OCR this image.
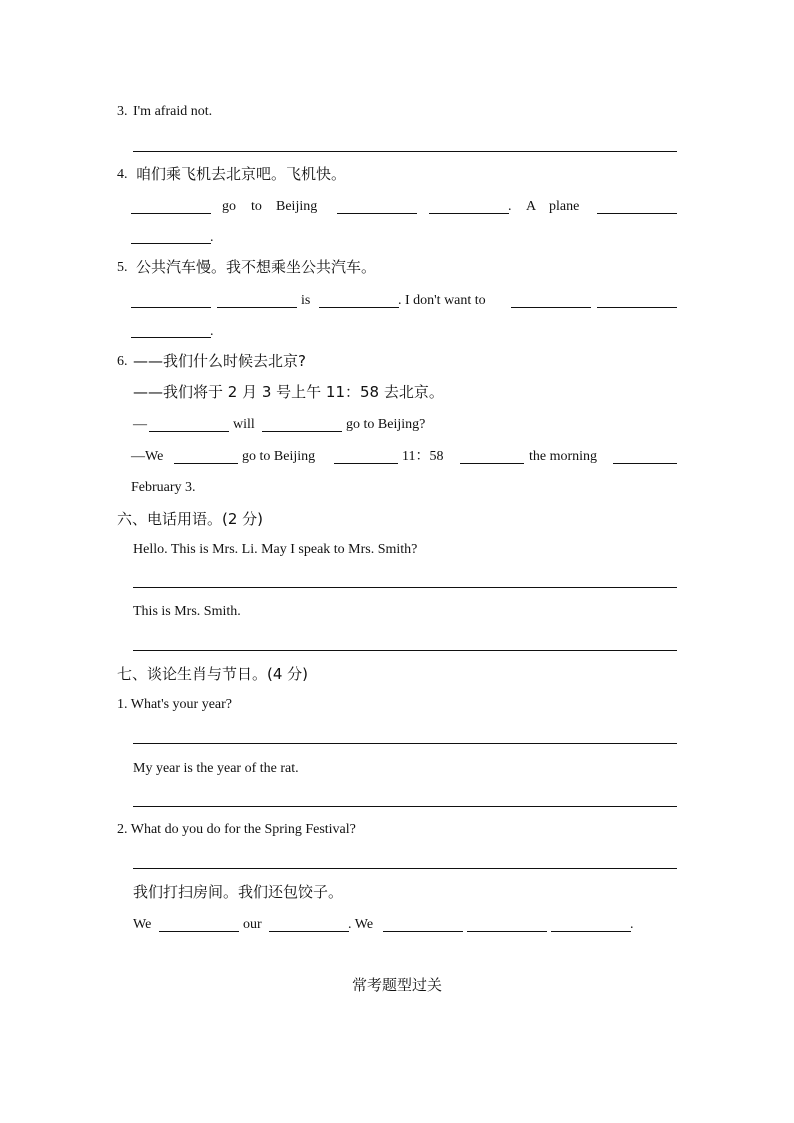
3. I'm afraid not.
4. 咱们乘飞机去北京吧。飞机快。
go to Beijing	. A plane
.
5. 公共汽车慢。我不想乘坐公共汽车。
is	. I don't want to
.
6. ——我们什么时候去北京?
——我们将于 2 月 3 号上午 11：58 去北京。
—	will	go to Beijing?
—We	go to Beijing	11：58	the morning
February 3.
六、电话用语。(2 分)
Hello. This is Mrs. Li. May I speak to Mrs. Smith?
This is Mrs. Smith.
七、谈论生肖与节日。(4 分)
1. What's your year?
My year is the year of the rat.
2. What do you do for the Spring Festival?
我们打扫房间。我们还包饺子。
We	our	. We	.
常考题型过关
